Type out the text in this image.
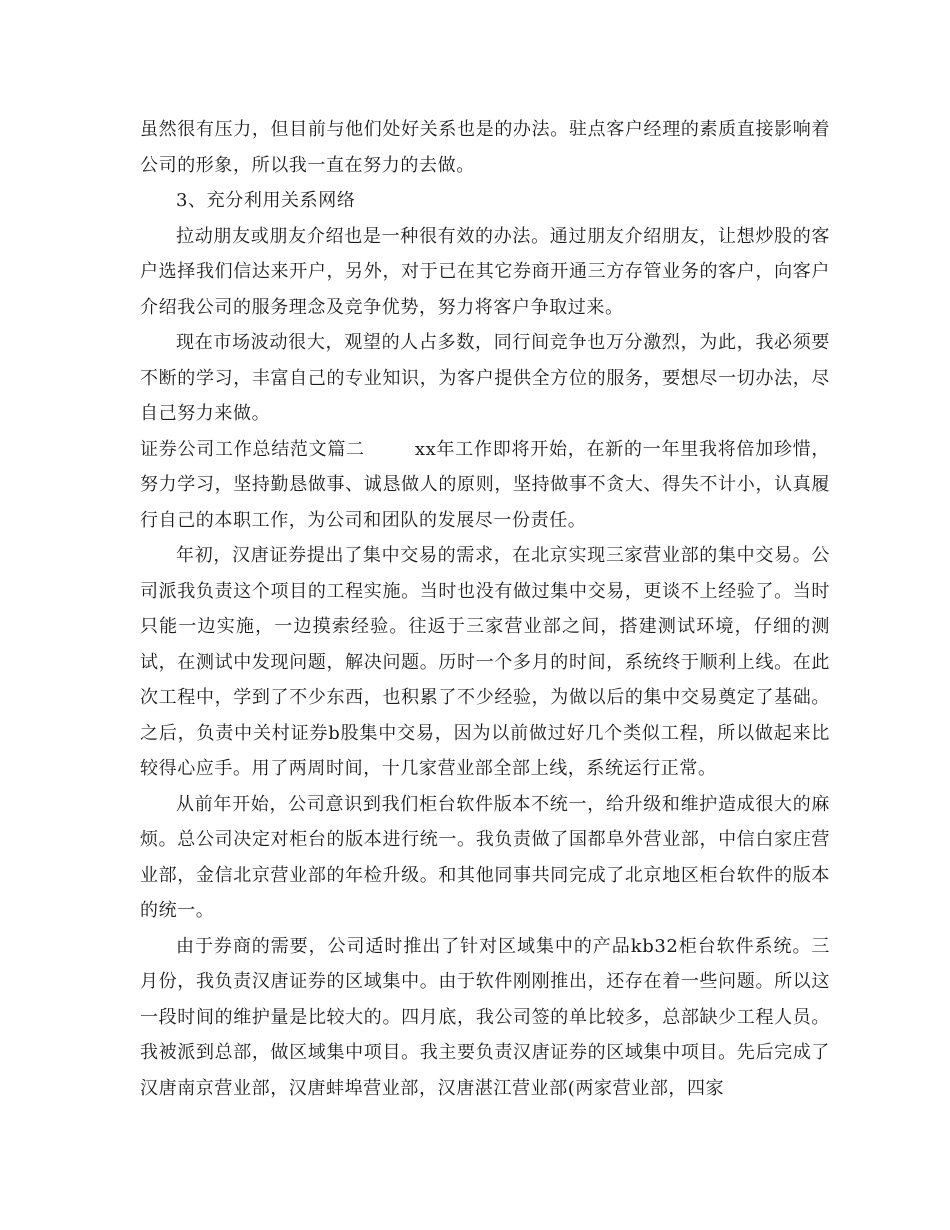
虽然很有压力，但目前与他们处好关系也是的办法。驻点客户经理的素质直接影响着公司的形象，所以我一直在努力的去做。

3、充分利用关系网络

拉动朋友或朋友介绍也是一种很有效的办法。通过朋友介绍朋友，让想炒股的客户选择我们信达来开户，另外，对于已在其它券商开通三方存管业务的客户，向客户介绍我公司的服务理念及竞争优势，努力将客户争取过来。

现在市场波动很大，观望的人占多数，同行间竞争也万分激烈，为此，我必须要不断的学习，丰富自己的专业知识，为客户提供全方位的服务，要想尽一切办法，尽自己努力来做。

证券公司工作总结范文篇二	xx年工作即将开始，在新的一年里我将倍加珍惜，努力学习，坚持勤恳做事、诚恳做人的原则，坚持做事不贪大、得失不计小，认真履行自己的本职工作，为公司和团队的发展尽一份责任。

年初，汉唐证券提出了集中交易的需求，在北京实现三家营业部的集中交易。公司派我负责这个项目的工程实施。当时也没有做过集中交易，更谈不上经验了。当时只能一边实施，一边摸索经验。往返于三家营业部之间，搭建测试环境，仔细的测试，在测试中发现问题，解决问题。历时一个多月的时间，系统终于顺利上线。在此次工程中，学到了不少东西，也积累了不少经验，为做以后的集中交易奠定了基础。之后，负责中关村证券b股集中交易，因为以前做过好几个类似工程，所以做起来比较得心应手。用了两周时间，十几家营业部全部上线，系统运行正常。

从前年开始，公司意识到我们柜台软件版本不统一，给升级和维护造成很大的麻烦。总公司决定对柜台的版本进行统一。我负责做了国都阜外营业部，中信白家庄营业部，金信北京营业部的年检升级。和其他同事共同完成了北京地区柜台软件的版本的统一。

由于券商的需要，公司适时推出了针对区域集中的产品kb32柜台软件系统。三月份，我负责汉唐证券的区域集中。由于软件刚刚推出，还存在着一些问题。所以这一段时间的维护量是比较大的。四月底，我公司签的单比较多，总部缺少工程人员。我被派到总部，做区域集中项目。我主要负责汉唐证券的区域集中项目。先后完成了汉唐南京营业部，汉唐蚌埠营业部，汉唐湛江营业部(两家营业部，四家
